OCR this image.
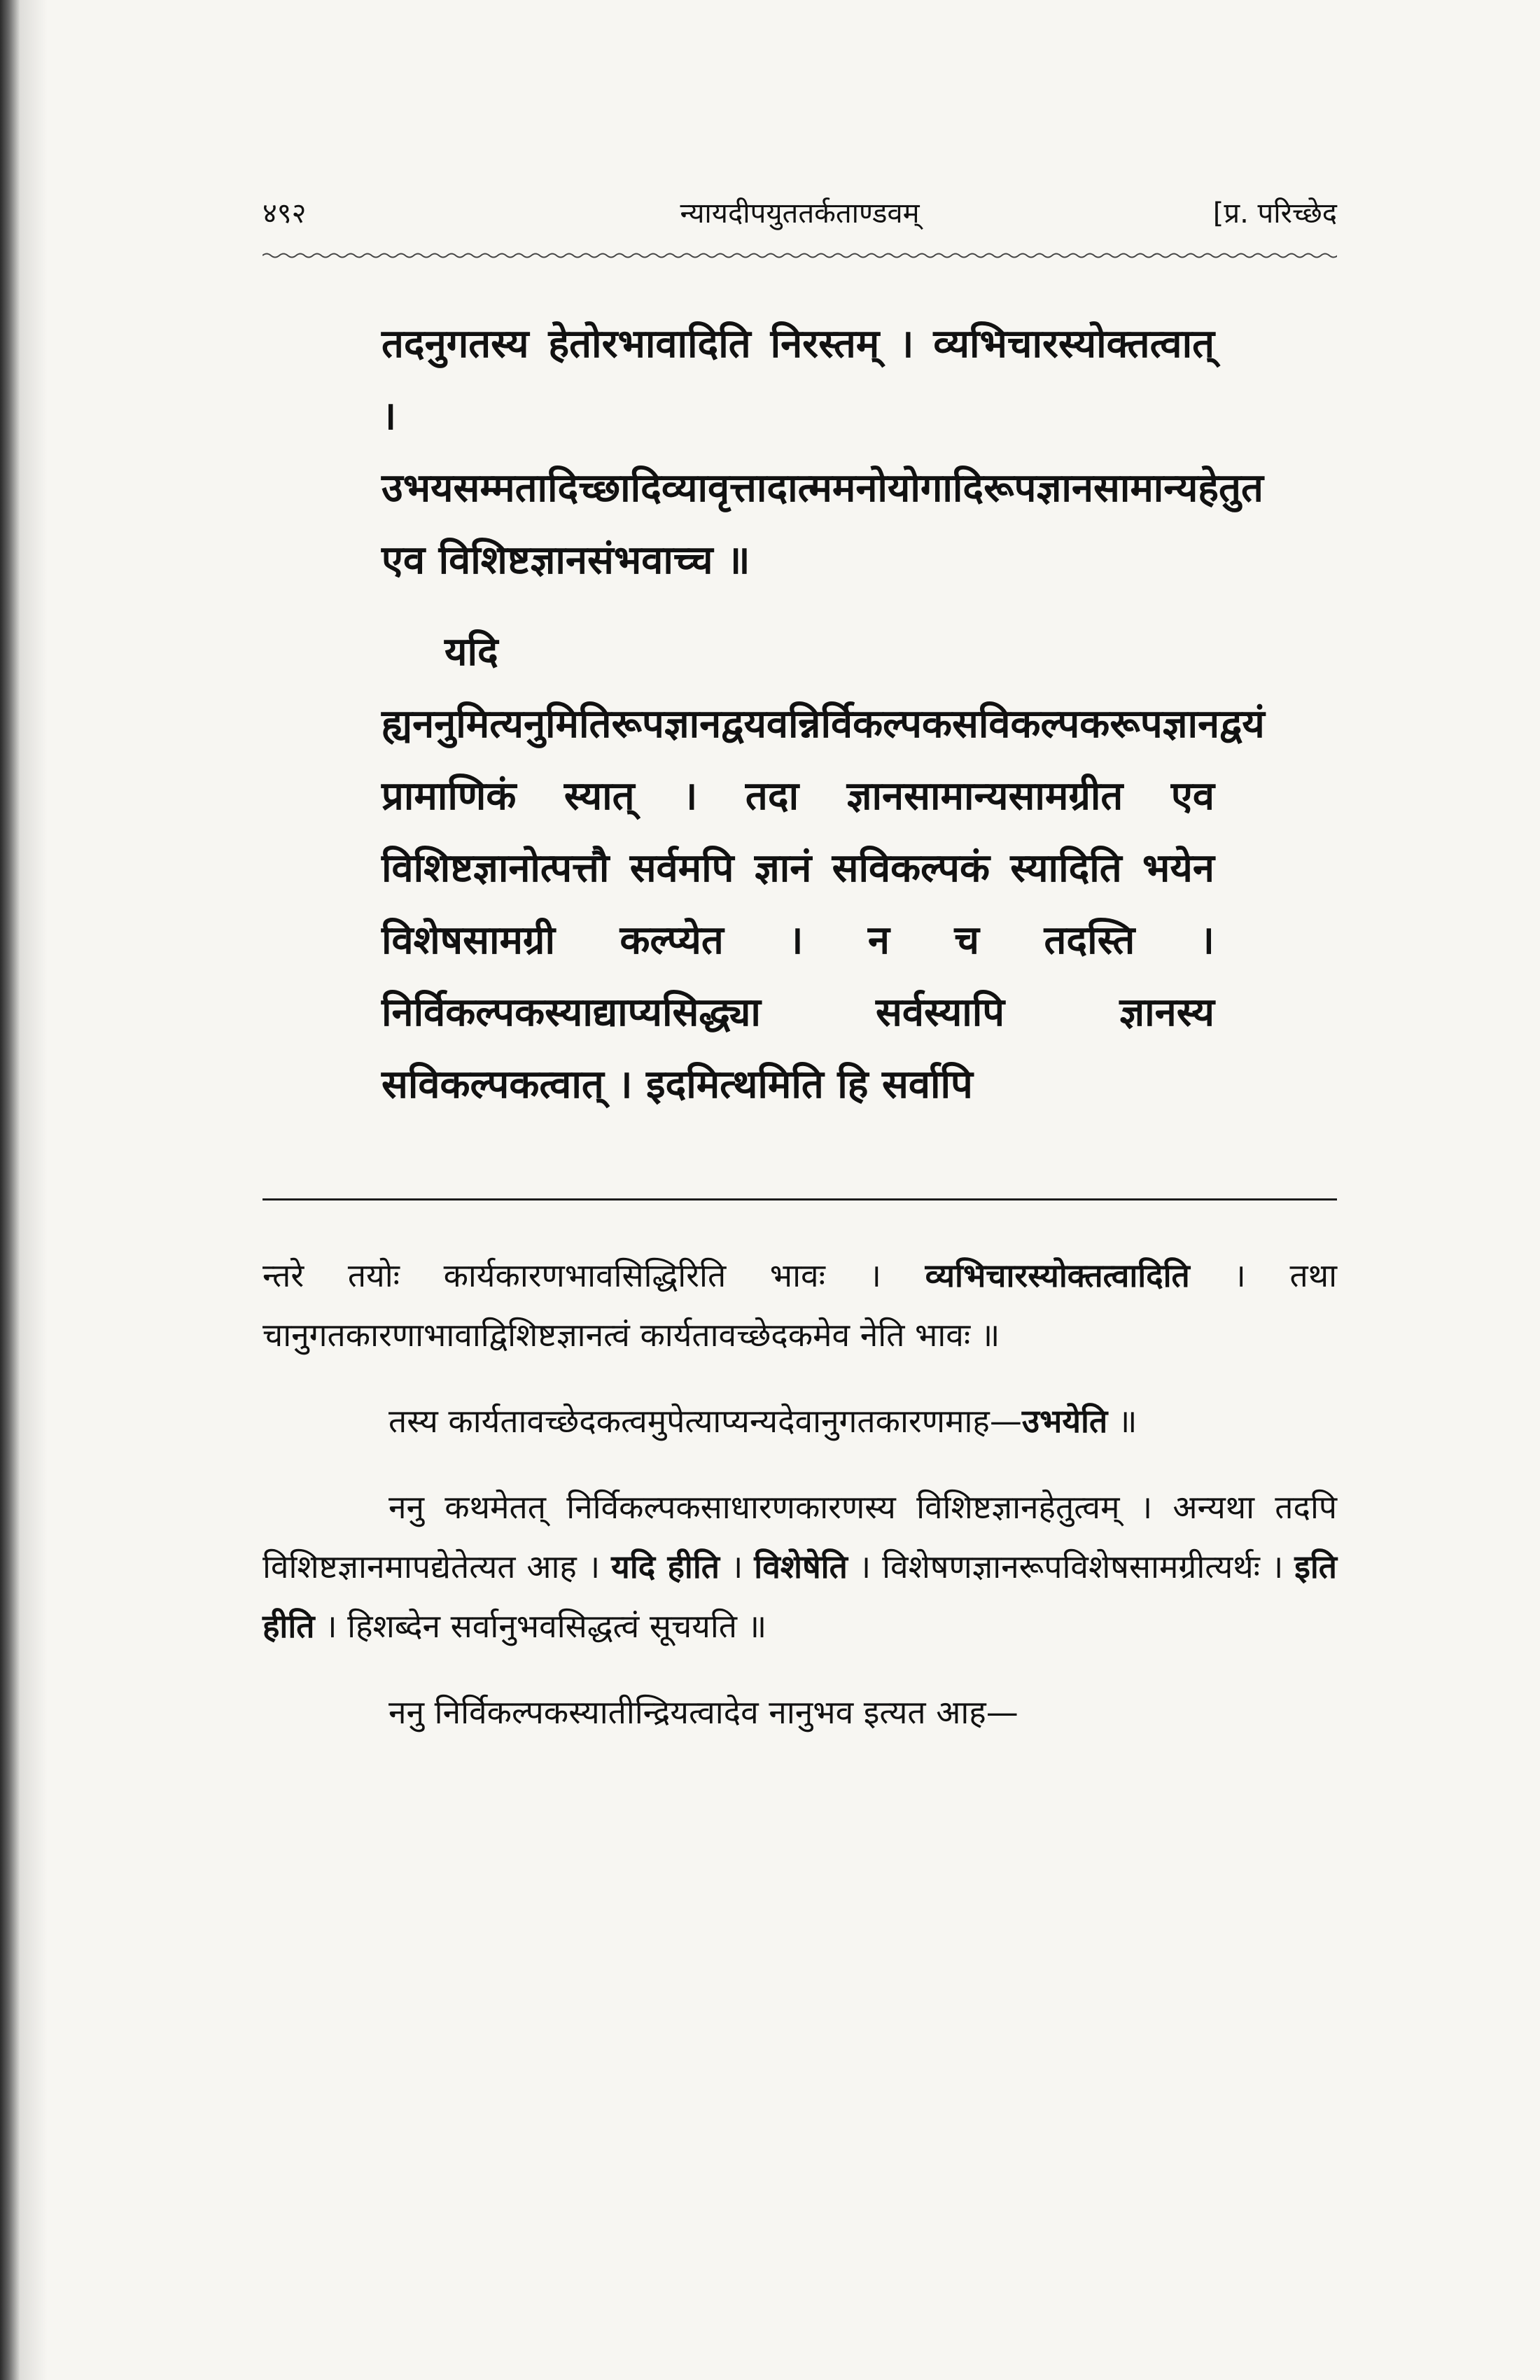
४९२	न्यायदीपयुततर्कताण्डवम्	[प्र. परिच्छेद

तदनुगतस्य हेतोरभावादिति निरस्तम् । व्यभिचारस्योक्तत्वात् । उभयसम्मतादिच्छादिव्यावृत्तादात्ममनोयोगादिरूपज्ञानसामान्यहेतुत एव विशिष्टज्ञानसंभवाच्च ॥

यदि ह्यननुमित्यनुमितिरूपज्ञानद्वयवन्निर्विकल्पकसविकल्पकरूपज्ञानद्वयं प्रामाणिकं स्यात् । तदा ज्ञानसामान्यसामग्रीत एव विशिष्टज्ञानोत्पत्तौ सर्वमपि ज्ञानं सविकल्पकं स्यादिति भयेन विशेषसामग्री कल्प्येत । न च तदस्ति । निर्विकल्पकस्याद्याप्यसिद्ध्या सर्वस्यापि ज्ञानस्य सविकल्पकत्वात् । इदमित्थमिति हि सर्वापि

न्तरे तयोः कार्यकारणभावसिद्धिरिति भावः । व्यभिचारस्योक्तत्वादिति । तथा चानुगतकारणाभावाद्विशिष्टज्ञानत्वं कार्यतावच्छेदकमेव नेति भावः ॥

तस्य कार्यतावच्छेदकत्वमुपेत्याप्यन्यदेवानुगतकारणमाह—उभयेति ॥

ननु कथमेतत् निर्विकल्पकसाधारणकारणस्य विशिष्टज्ञानहेतुत्वम् । अन्यथा तदपि विशिष्टज्ञानमापद्येतेत्यत आह । यदि हीति । विशेषेति । विशेषणज्ञानरूपविशेषसामग्रीत्यर्थः । इति हीति । हिशब्देन सर्वानुभवसिद्धत्वं सूचयति ॥

ननु निर्विकल्पकस्यातीन्द्रियत्वादेव नानुभव इत्यत आह—
